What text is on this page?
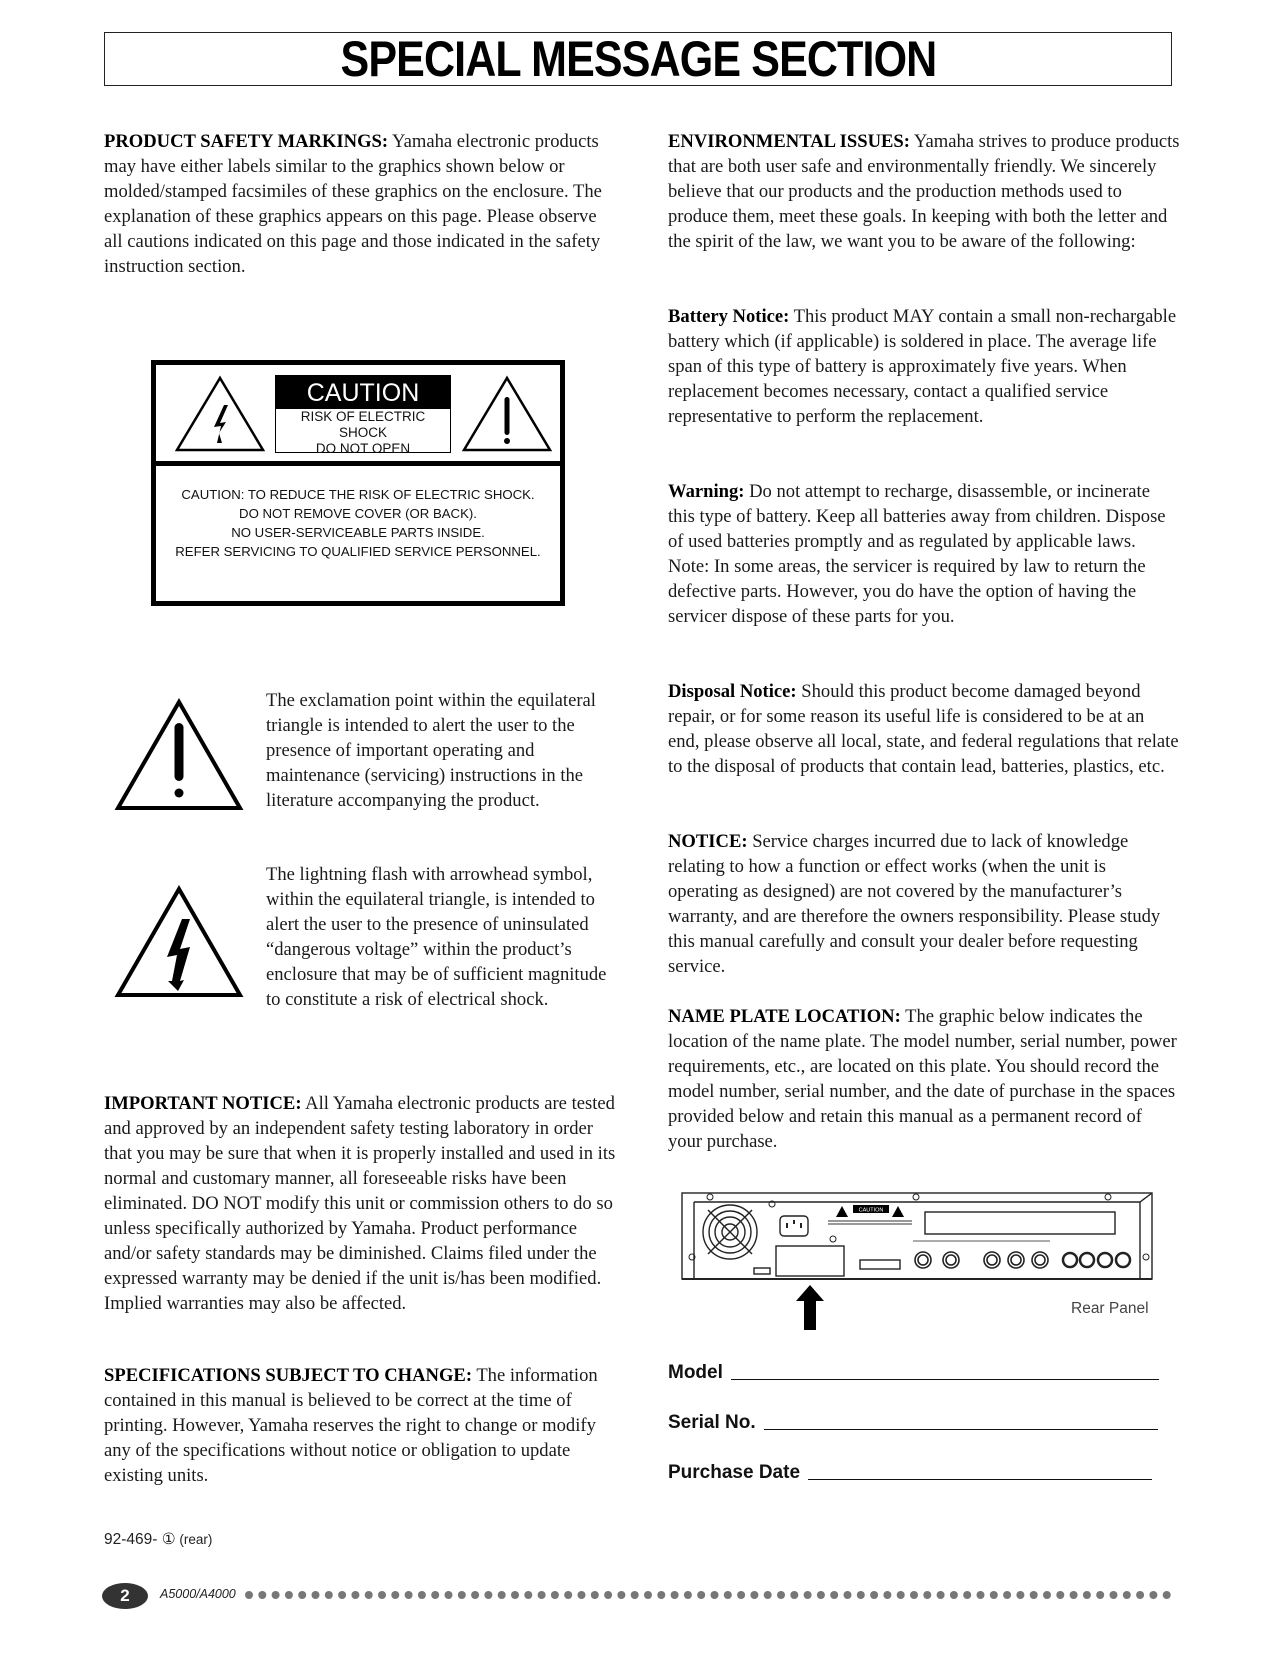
SPECIAL MESSAGE SECTION

PRODUCT SAFETY MARKINGS: Yamaha electronic products may have either labels similar to the graphics shown below or molded/stamped facsimiles of these graphics on the enclosure. The explanation of these graphics appears on this page. Please observe all cautions indicated on this page and those indicated in the safety instruction section.

CAUTION
RISK OF ELECTRIC SHOCK
DO NOT OPEN
CAUTION: TO REDUCE THE RISK OF ELECTRIC SHOCK.
DO NOT REMOVE COVER (OR BACK).
NO USER-SERVICEABLE PARTS INSIDE.
REFER SERVICING TO QUALIFIED SERVICE PERSONNEL.

The exclamation point within the equilateral triangle is intended to alert the user to the presence of important operating and maintenance (servicing) instructions in the literature accompanying the product.

The lightning flash with arrowhead symbol, within the equilateral triangle, is intended to alert the user to the presence of uninsulated “dangerous voltage” within the product’s enclosure that may be of sufficient magnitude to constitute a risk of electrical shock.

IMPORTANT NOTICE: All Yamaha electronic products are tested and approved by an independent safety testing laboratory in order that you may be sure that when it is properly installed and used in its normal and customary manner, all foreseeable risks have been eliminated. DO NOT modify this unit or commission others to do so unless specifically authorized by Yamaha. Product performance and/or safety standards may be diminished. Claims filed under the expressed warranty may be denied if the unit is/has been modified. Implied warranties may also be affected.

SPECIFICATIONS SUBJECT TO CHANGE: The information contained in this manual is believed to be correct at the time of printing. However, Yamaha reserves the right to change or modify any of the specifications without notice or obligation to update existing units.

ENVIRONMENTAL ISSUES: Yamaha strives to produce products that are both user safe and environmentally friendly. We sincerely believe that our products and the production methods used to produce them, meet these goals. In keeping with both the letter and the spirit of the law, we want you to be aware of the following:

Battery Notice: This product MAY contain a small non-rechargable battery which (if applicable) is soldered in place. The average life span of this type of battery is approximately five years. When replacement becomes necessary, contact a qualified service representative to perform the replacement.

Warning: Do not attempt to recharge, disassemble, or incinerate this type of battery. Keep all batteries away from children. Dispose of used batteries promptly and as regulated by applicable laws. Note: In some areas, the servicer is required by law to return the defective parts. However, you do have the option of having the servicer dispose of these parts for you.

Disposal Notice: Should this product become damaged beyond repair, or for some reason its useful life is considered to be at an end, please observe all local, state, and federal regulations that relate to the disposal of products that contain lead, batteries, plastics, etc.

NOTICE: Service charges incurred due to lack of knowledge relating to how a function or effect works (when the unit is operating as designed) are not covered by the manufacturer’s warranty, and are therefore the owners responsibility. Please study this manual carefully and consult your dealer before requesting service.

NAME PLATE LOCATION: The graphic below indicates the location of the name plate. The model number, serial number, power requirements, etc., are located on this plate. You should record the model number, serial number, and the date of purchase in the spaces provided below and retain this manual as a permanent record of your purchase.

CAUTION
Rear Panel
Model
Serial No.
Purchase Date
92-469- ① (rear)
2	A5000/A4000
